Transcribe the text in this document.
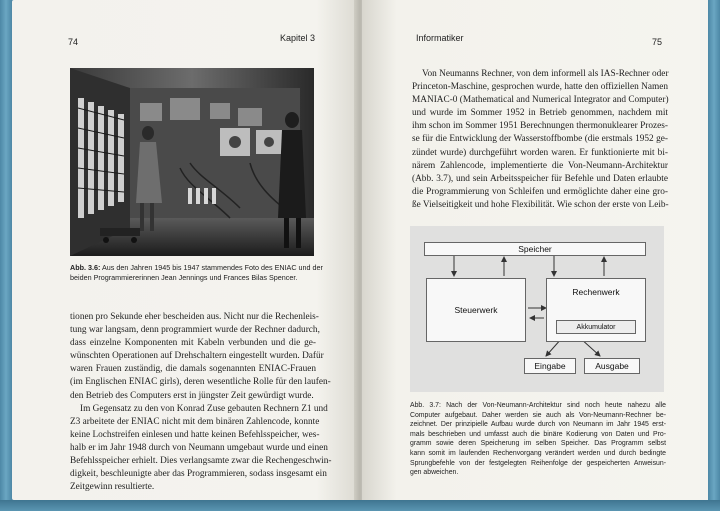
74	Kapitel 3
Abb. 3.6: Aus den Jahren 1945 bis 1947 stammendes Foto des ENIAC und der
beiden Programmiererinnen Jean Jennings und Frances Bilas Spencer.
tionen pro Sekunde eher bescheiden aus. Nicht nur die Rechenleis-
tung war langsam, denn programmiert wurde der Rechner dadurch,
dass einzelne Komponenten mit Kabeln verbunden und die ge-
wünschten Operationen auf Drehschaltern eingestellt wurden. Dafür
waren Frauen zuständig, die damals sogenannten ENIAC-Frauen
(im Englischen ENIAC girls), deren wesentliche Rolle für den laufen-
den Betrieb des Computers erst in jüngster Zeit gewürdigt wurde.
Im Gegensatz zu den von Konrad Zuse gebauten Rechnern Z1 und
Z3 arbeitete der ENIAC nicht mit dem binären Zahlencode, konnte
keine Lochstreifen einlesen und hatte keinen Befehlsspeicher, wes-
halb er im Jahr 1948 durch von Neumann umgebaut wurde und einen
Befehlsspeicher erhielt. Dies verlangsamte zwar die Rechengeschwin-
digkeit, beschleunigte aber das Programmieren, sodass insgesamt ein
Zeitgewinn resultierte.
Informatiker	75
Von Neumanns Rechner, von dem informell als IAS-Rechner oder
Princeton-Maschine, gesprochen wurde, hatte den offiziellen Namen
MANIAC-0 (Mathematical and Numerical Integrator and Computer)
und wurde im Sommer 1952 in Betrieb genommen, nachdem mit
ihm schon im Sommer 1951 Berechnungen thermonuklearer Prozes-
se für die Entwicklung der Wasserstoffbombe (die erstmals 1952 ge-
zündet wurde) durchgeführt worden waren. Er funktionierte mit bi-
närem Zahlencode, implementierte die Von-Neumann-Architektur
(Abb. 3.7), und sein Arbeitsspeicher für Befehle und Daten erlaubte
die Programmierung von Schleifen und ermöglichte daher eine gro-
ße Vielseitigkeit und hohe Flexibilität. Wie schon der erste von Leib-
Speicher
Steuerwerk
Rechenwerk
Akkumulator
Eingabe	Ausgabe
Abb. 3.7: Nach der Von-Neumann-Architektur sind noch heute nahezu alle
Computer aufgebaut. Daher werden sie auch als Von-Neumann-Rechner be-
zeichnet. Der prinzipielle Aufbau wurde durch von Neumann im Jahr 1945 erst-
mals beschrieben und umfasst auch die binäre Kodierung von Daten und Pro-
gramm sowie deren Speicherung im selben Speicher. Das Programm selbst
kann somit im laufenden Rechenvorgang verändert werden und durch bedingte
Sprungbefehle von der festgelegten Reihenfolge der gespeicherten Anweisun-
gen abweichen.
